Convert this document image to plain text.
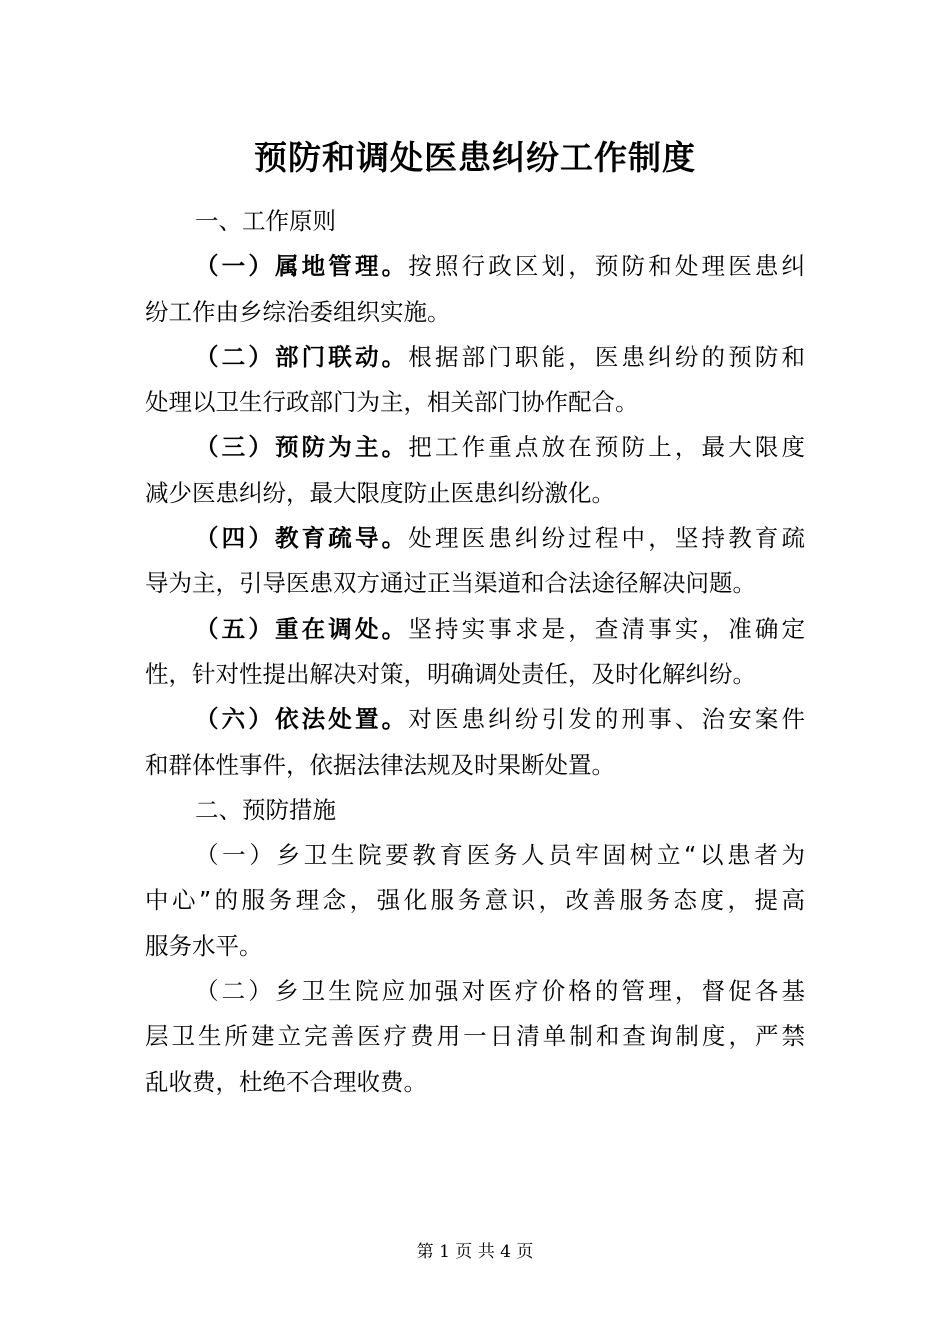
预防和调处医患纠纷工作制度
一、工作原则
（一）属地管理。按照行政区划，预防和处理医患纠
纷工作由乡综治委组织实施。
（二）部门联动。根据部门职能，医患纠纷的预防和
处理以卫生行政部门为主，相关部门协作配合。
（三）预防为主。把工作重点放在预防上，最大限度
减少医患纠纷，最大限度防止医患纠纷激化。
（四）教育疏导。处理医患纠纷过程中，坚持教育疏
导为主，引导医患双方通过正当渠道和合法途径解决问题。
（五）重在调处。坚持实事求是，查清事实，准确定
性，针对性提出解决对策，明确调处责任，及时化解纠纷。
（六）依法处置。对医患纠纷引发的刑事、治安案件
和群体性事件，依据法律法规及时果断处置。
二、预防措施
（一）乡卫生院要教育医务人员牢固树立“以患者为
中心”的服务理念，强化服务意识，改善服务态度，提高
服务水平。
（二）乡卫生院应加强对医疗价格的管理，督促各基
层卫生所建立完善医疗费用一日清单制和查询制度，严禁
乱收费，杜绝不合理收费。
第 1 页 共 4 页
